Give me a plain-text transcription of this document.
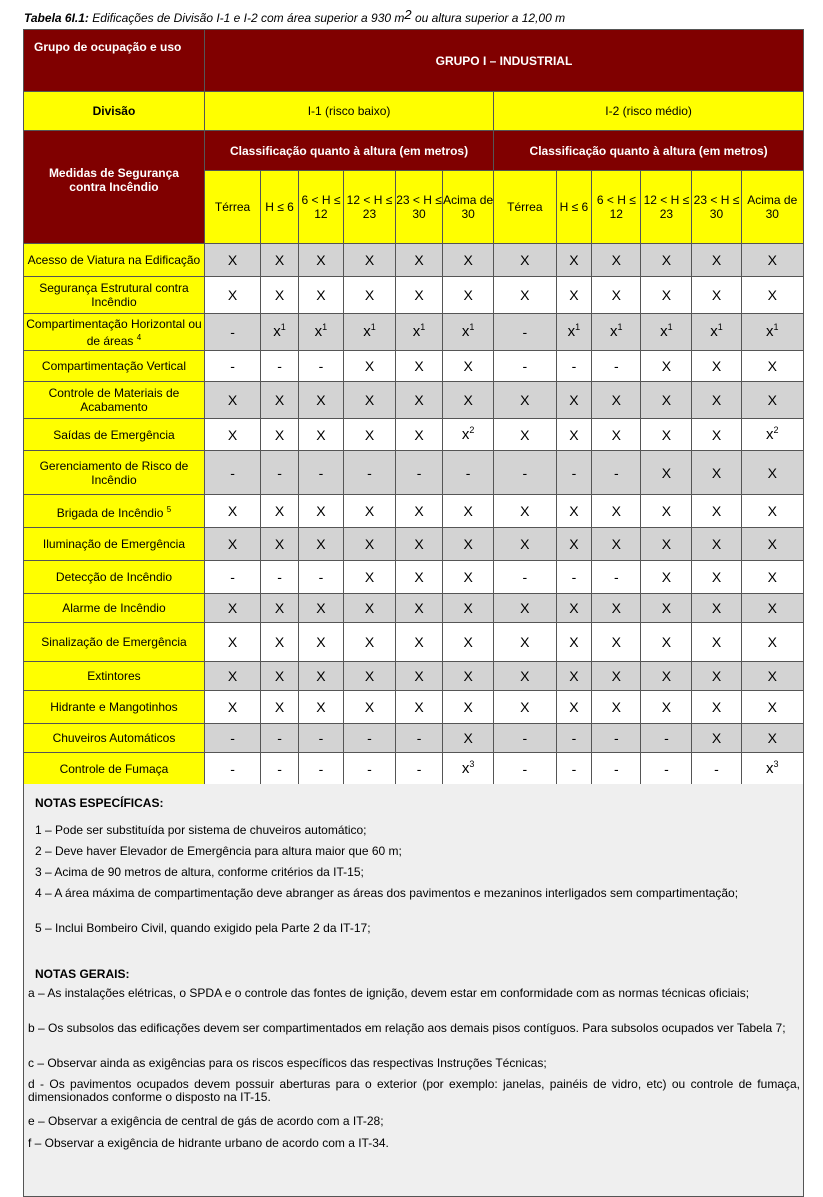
Tabela 6I.1: Edificações de Divisão I-1 e I-2 com área superior a 930 $m^2$ ou altura superior a 12,00 m
Grupo de ocupação e uso	GRUPO I – INDUSTRIAL											
Divisão	I-1 (risco baixo)						I-2 (risco médio)					
Medidas de Segurança contra Incêndio	Classificação quanto à altura (em metros)						Classificação quanto à altura (em metros)					
	Térrea	H ≤ 6	6 < H ≤ 12	12 < H ≤ 23	23 < H ≤ 30	Acima de 30	Térrea	H ≤ 6	6 < H ≤ 12	12 < H ≤ 23	23 < H ≤ 30	Acima de 30
Acesso de Viatura na Edificação	X	X	X	X	X	X	X	X	X	X	X	X
Segurança Estrutural contra Incêndio	X	X	X	X	X	X	X	X	X	X	X	X
Compartimentação Horizontal ou de áreas $^4$	-	$x^1$	$x^1$	$x^1$	$x^1$	$x^1$	-	$x^1$	$x^1$	$x^1$	$x^1$	$x^1$
Compartimentação Vertical	-	-	-	X	X	X	-	-	-	X	X	X
Controle de Materiais de Acabamento	X	X	X	X	X	X	X	X	X	X	X	X
Saídas de Emergência	X	X	X	X	X	$x^2$	X	X	X	X	X	$x^2$
Gerenciamento de Risco de Incêndio	-	-	-	-	-	-	-	-	-	X	X	X
Brigada de Incêndio $^5$	X	X	X	X	X	X	X	X	X	X	X	X
Iluminação de Emergência	X	X	X	X	X	X	X	X	X	X	X	X
Detecção de Incêndio	-	-	-	X	X	X	-	-	-	X	X	X
Alarme de Incêndio	X	X	X	X	X	X	X	X	X	X	X	X
Sinalização de Emergência	X	X	X	X	X	X	X	X	X	X	X	X
Extintores	X	X	X	X	X	X	X	X	X	X	X	X
Hidrante e Mangotinhos	X	X	X	X	X	X	X	X	X	X	X	X
Chuveiros Automáticos	-	-	-	-	-	X	-	-	-	-	X	X
Controle de Fumaça	-	-	-	-	-	$x^3$	-	-	-	-	-	$x^3$
NOTAS ESPECÍFICAS:
1 – Pode ser substituída por sistema de chuveiros automático;
2 – Deve haver Elevador de Emergência para altura maior que 60 m;
3 – Acima de 90 metros de altura, conforme critérios da IT-15;
4 – A área máxima de compartimentação deve abranger as áreas dos pavimentos e mezaninos interligados sem compartimentação;
5 – Inclui Bombeiro Civil, quando exigido pela Parte 2 da IT-17;
NOTAS GERAIS:
a – As instalações elétricas, o SPDA e o controle das fontes de ignição, devem estar em conformidade com as normas técnicas oficiais;
b – Os subsolos das edificações devem ser compartimentados em relação aos demais pisos contíguos. Para subsolos ocupados ver Tabela 7;
c – Observar ainda as exigências para os riscos específicos das respectivas Instruções Técnicas;
d - Os pavimentos ocupados devem possuir aberturas para o exterior (por exemplo: janelas, painéis de vidro, etc) ou controle de fumaça, dimensionados conforme o disposto na IT-15.
e – Observar a exigência de central de gás de acordo com a IT-28;
f – Observar a exigência de hidrante urbano de acordo com a IT-34.
